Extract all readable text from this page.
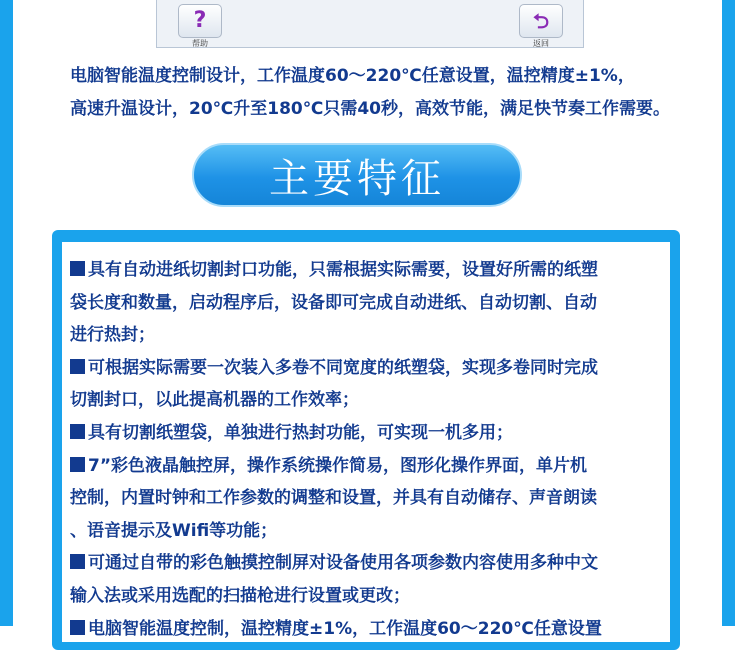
?
帮助
⮌
返回
电脑智能温度控制设计，工作温度60～220℃任意设置，温控精度±1%，
高速升温设计，20℃升至180℃只需40秒，高效节能，满足快节奏工作需要。
主要特征
具有自动进纸切割封口功能，只需根据实际需要，设置好所需的纸塑
袋长度和数量，启动程序后，设备即可完成自动进纸、自动切割、自动
进行热封；
可根据实际需要一次装入多卷不同宽度的纸塑袋，实现多卷同时完成
切割封口，以此提高机器的工作效率；
具有切割纸塑袋，单独进行热封功能，可实现一机多用；
7”彩色液晶触控屏，操作系统操作简易，图形化操作界面，单片机
控制，内置时钟和工作参数的调整和设置，并具有自动储存、声音朗读
、语音提示及Wifi等功能；
可通过自带的彩色触摸控制屏对设备使用各项参数内容使用多种中文
输入法或采用选配的扫描枪进行设置或更改；
电脑智能温度控制，温控精度±1%，工作温度60～220℃任意设置
